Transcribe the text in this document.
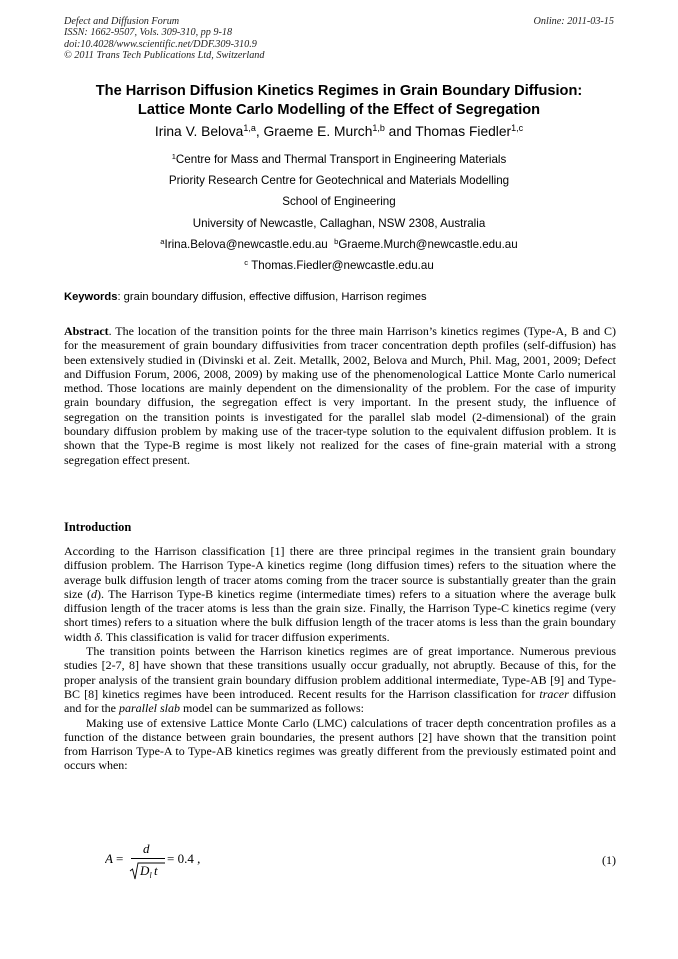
Defect and Diffusion Forum
ISSN: 1662-9507, Vols. 309-310, pp 9-18
doi:10.4028/www.scientific.net/DDF.309-310.9
© 2011 Trans Tech Publications Ltd, Switzerland
Online: 2011-03-15
The Harrison Diffusion Kinetics Regimes in Grain Boundary Diffusion:
Lattice Monte Carlo Modelling of the Effect of Segregation
Irina V. Belova$^{1,a}$, Graeme E. Murch$^{1,b}$ and Thomas Fiedler$^{1,c}$
$^1$Centre for Mass and Thermal Transport in Engineering Materials
Priority Research Centre for Geotechnical and Materials Modelling
School of Engineering
University of Newcastle, Callaghan, NSW 2308, Australia
$^a$Irina.Belova@newcastle.edu.au $^b$Graeme.Murch@newcastle.edu.au
$^c$ Thomas.Fiedler@newcastle.edu.au
Keywords: grain boundary diffusion, effective diffusion, Harrison regimes
Abstract. The location of the transition points for the three main Harrison’s kinetics regimes (Type-A, B and C) for the measurement of grain boundary diffusivities from tracer concentration depth profiles (self-diffusion) has been extensively studied in (Divinski et al. Zeit. Metallk, 2002, Belova and Murch, Phil. Mag, 2001, 2009; Defect and Diffusion Forum, 2006, 2008, 2009) by making use of the phenomenological Lattice Monte Carlo numerical method. Those locations are mainly dependent on the dimensionality of the problem. For the case of impurity grain boundary diffusion, the segregation effect is very important. In the present study, the influence of segregation on the transition points is investigated for the parallel slab model (2-dimensional) of the grain boundary diffusion problem by making use of the tracer-type solution to the equivalent diffusion problem. It is shown that the Type-B regime is most likely not realized for the cases of fine-grain material with a strong segregation effect present.
Introduction

According to the Harrison classification [1] there are three principal regimes in the transient grain boundary diffusion problem. The Harrison Type-A kinetics regime (long diffusion times) refers to the situation where the average bulk diffusion length of tracer atoms coming from the tracer source is substantially greater than the grain size (d). The Harrison Type-B kinetics regime (intermediate times) refers to a situation where the average bulk diffusion length of the tracer atoms is less than the grain size. Finally, the Harrison Type-C kinetics regime (very short times) refers to a situation where the bulk diffusion length of the tracer atoms is less than the grain boundary width δ. This classification is valid for tracer diffusion experiments.

The transition points between the Harrison kinetics regimes are of great importance. Numerous previous studies [2-7, 8] have shown that these transitions usually occur gradually, not abruptly. Because of this, for the proper analysis of the transient grain boundary diffusion problem additional intermediate, Type-AB [9] and Type-BC [8] kinetics regimes have been introduced. Recent results for the Harrison classification for tracer diffusion and for the parallel slab model can be summarized as follows:

Making use of extensive Lattice Monte Carlo (LMC) calculations of tracer depth concentration profiles as a function of the distance between grain boundaries, the present authors [2] have shown that the transition point from Harrison Type-A to Type-AB kinetics regimes was greatly different from the previously estimated point and occurs when:

A =
d
D l t
= 0.4 ,	(1)
